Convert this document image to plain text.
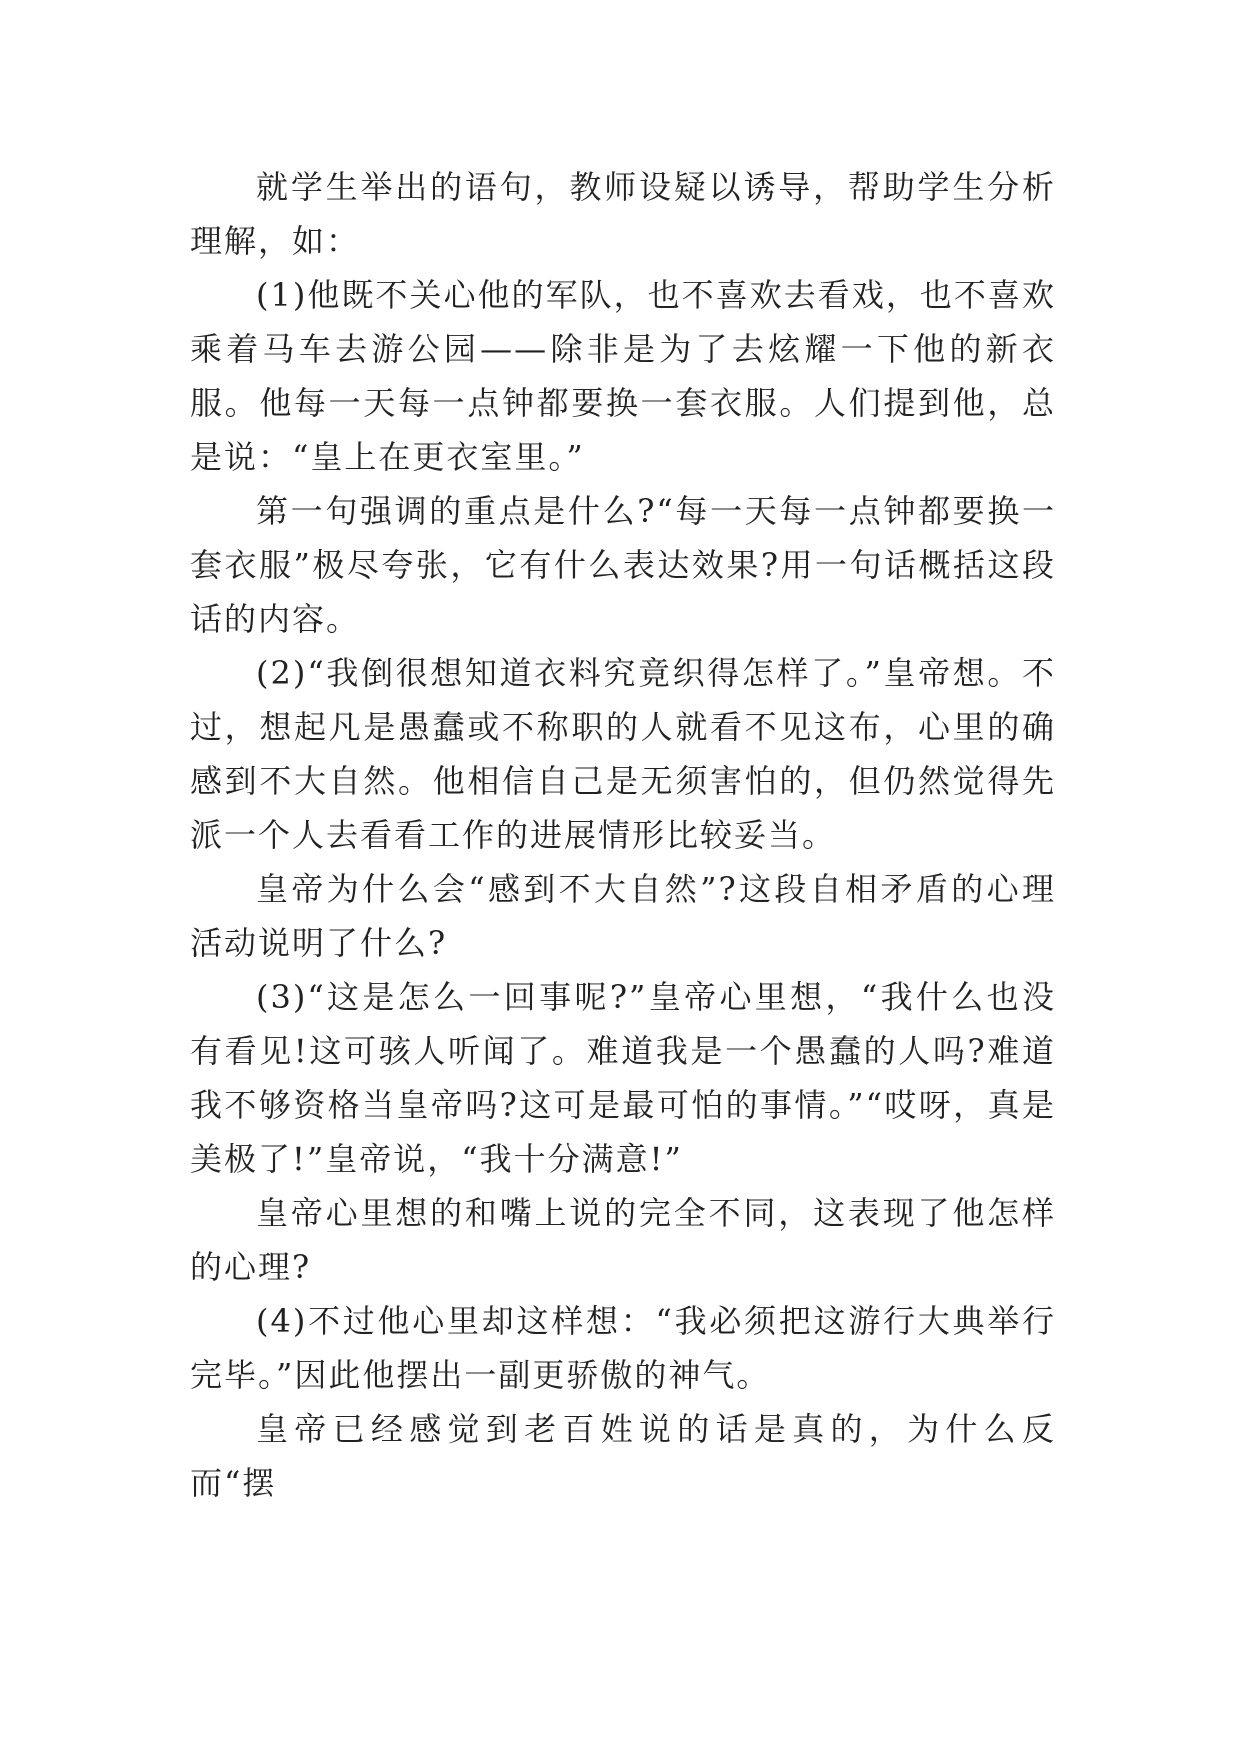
就学生举出的语句，教师设疑以诱导，帮助学生分析理解，如：

(1)他既不关心他的军队，也不喜欢去看戏，也不喜欢乘着马车去游公园——除非是为了去炫耀一下他的新衣服。他每一天每一点钟都要换一套衣服。人们提到他，总是说：“皇上在更衣室里。”

第一句强调的重点是什么?“每一天每一点钟都要换一套衣服”极尽夸张，它有什么表达效果?用一句话概括这段话的内容。

(2)“我倒很想知道衣料究竟织得怎样了。”皇帝想。不过，想起凡是愚蠢或不称职的人就看不见这布，心里的确感到不大自然。他相信自己是无须害怕的，但仍然觉得先派一个人去看看工作的进展情形比较妥当。

皇帝为什么会“感到不大自然”?这段自相矛盾的心理活动说明了什么?

(3)“这是怎么一回事呢?”皇帝心里想，“我什么也没有看见!这可骇人听闻了。难道我是一个愚蠢的人吗?难道我不够资格当皇帝吗?这可是最可怕的事情。”“哎呀，真是美极了!”皇帝说，“我十分满意!”

皇帝心里想的和嘴上说的完全不同，这表现了他怎样的心理?

(4)不过他心里却这样想：“我必须把这游行大典举行完毕。”因此他摆出一副更骄傲的神气。

皇帝已经感觉到老百姓说的话是真的，为什么反而“摆
